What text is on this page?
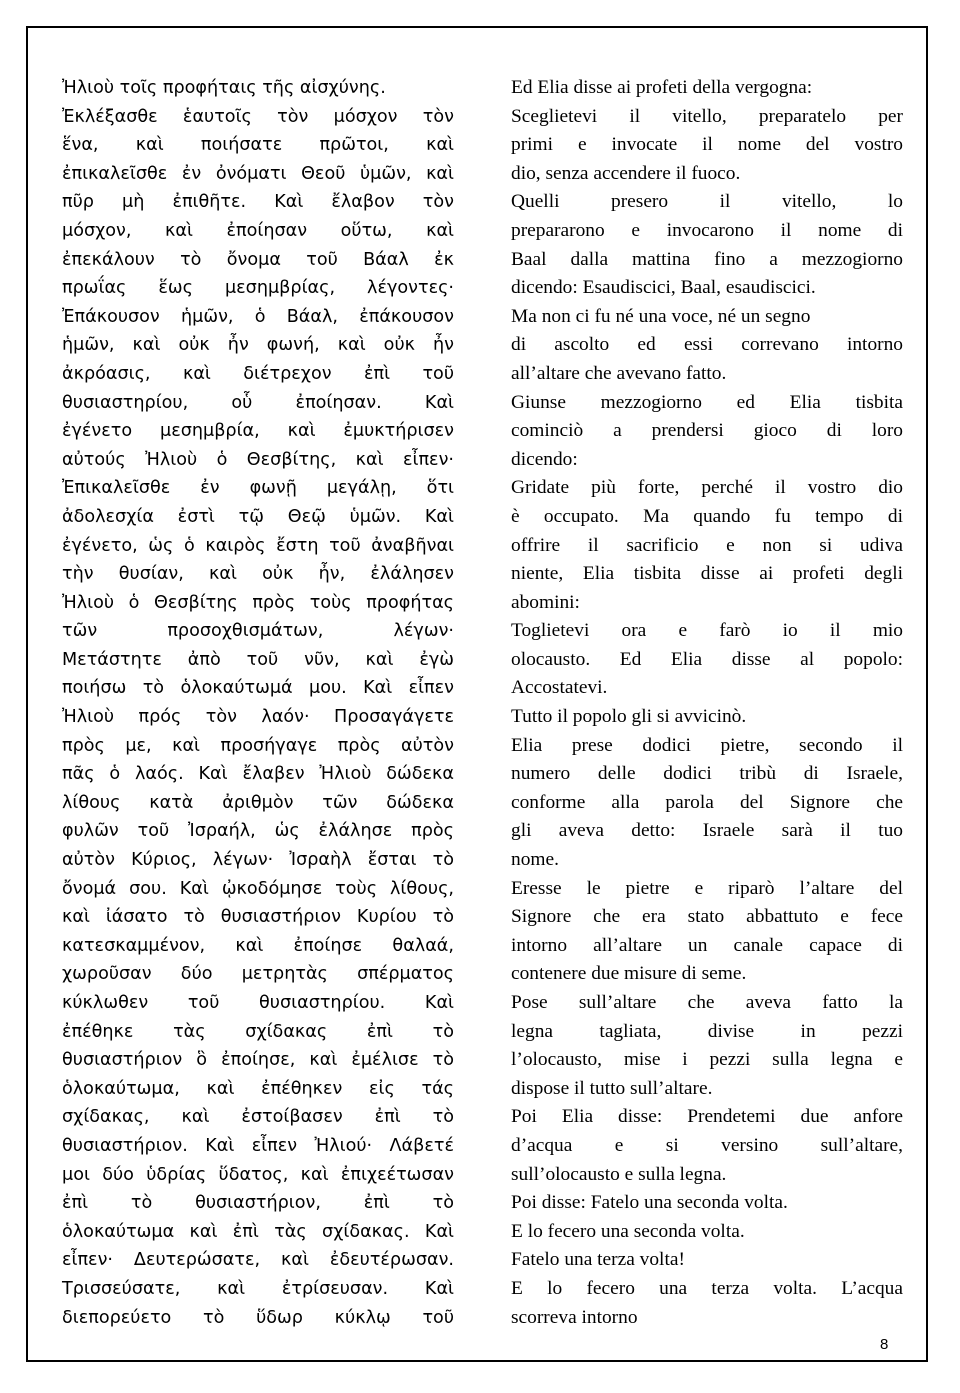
Ἠλιοὺ τοῖς προφήταις τῆς αἰσχύνης.
Ἐκλέξασθε ἑαυτοῖς τὸν μόσχον τὸν
ἕνα, καὶ ποιήσατε πρῶτοι, καὶ
ἐπικαλεῖσθε ἐν ὀνόματι Θεοῦ ὑμῶν, καὶ
πῦρ μὴ ἐπιθῆτε. Καὶ ἔλαβον τὸν
μόσχον, καὶ ἐποίησαν οὕτω, καὶ
ἐπεκάλουν τὸ ὄνομα τοῦ Βάαλ ἐκ
πρωΐας ἕως μεσημβρίας, λέγοντες·
Ἐπάκουσον ἡμῶν, ὁ Βάαλ, ἐπάκουσον
ἡμῶν, καὶ οὐκ ἦν φωνή, καὶ οὐκ ἦν
ἀκρόασις, καὶ διέτρεχον ἐπὶ τοῦ
θυσιαστηρίου, οὗ ἐποίησαν. Καὶ
ἐγένετο μεσημβρία, καὶ ἐμυκτήρισεν
αὐτούς Ἠλιοὺ ὁ Θεσβίτης, καὶ εἶπεν·
Ἐπικαλεῖσθε ἐν φωνῇ μεγάλῃ, ὅτι
ἀδολεσχία ἐστὶ τῷ Θεῷ ὑμῶν. Καὶ
ἐγένετο, ὡς ὁ καιρὸς ἔστη τοῦ ἀναβῆναι
τὴν θυσίαν, καὶ οὐκ ἦν, ἐλάλησεν
Ἠλιοὺ ὁ Θεσβίτης πρὸς τοὺς προφήτας
τῶν προσοχθισμάτων, λέγων·
Μετάστητε ἀπὸ τοῦ νῦν, καὶ ἐγὼ
ποιήσω τὸ ὁλοκαύτωμά μου. Καὶ εἶπεν
Ἠλιοὺ πρός τὸν λαόν· Προσαγάγετε
πρὸς με, καὶ προσήγαγε πρὸς αὐτὸν
πᾶς ὁ λαός. Καὶ ἔλαβεν Ἠλιοὺ δώδεκα
λίθους κατὰ ἀριθμὸν τῶν δώδεκα
φυλῶν τοῦ Ἰσραήλ, ὡς ἐλάλησε πρὸς
αὐτὸν Κύριος, λέγων· Ἰσραὴλ ἔσται τὸ
ὄνομά σου. Καὶ ᾠκοδόμησε τοὺς λίθους,
καὶ ἰάσατο τὸ θυσιαστήριον Κυρίου τὸ
κατεσκαμμένον, καὶ ἐποίησε θαλαά,
χωροῦσαν δύο μετρητὰς σπέρματος
κύκλωθεν τοῦ θυσιαστηρίου. Καὶ
ἐπέθηκε τὰς σχίδακας ἐπὶ τὸ
θυσιαστήριον ὃ ἐποίησε, καὶ ἐμέλισε τὸ
ὁλοκαύτωμα, καὶ ἐπέθηκεν εἰς τάς
σχίδακας, καὶ ἐστοίβασεν ἐπὶ τὸ
θυσιαστήριον. Καὶ εἶπεν Ἠλιού· Λάβετέ
μοι δύο ὑδρίας ὕδατος, καὶ ἐπιχεέτωσαν
ἐπὶ τὸ θυσιαστήριον, ἐπὶ τὸ
ὁλοκαύτωμα καὶ ἐπὶ τὰς σχίδακας. Καὶ
εἶπεν· Δευτερώσατε, καὶ ἐδευτέρωσαν.
Τρισσεύσατε, καὶ ἐτρίσευσαν. Καὶ
διεπορεύετο τὸ ὕδωρ κύκλῳ τοῦ
Ed Elia disse ai profeti della vergogna:
Sceglietevi il vitello, preparatelo per
primi e invocate il nome del vostro
dio, senza accendere il fuoco.
Quelli presero il vitello, lo
prepararono e invocarono il nome di
Baal dalla mattina fino a mezzogiorno
dicendo: Esaudiscici, Baal, esaudiscici.
Ma non ci fu né una voce, né un segno
di ascolto ed essi correvano intorno
all’altare che avevano fatto.
Giunse mezzogiorno ed Elia tisbita
cominciò a prendersi gioco di loro
dicendo:
Gridate più forte, perché il vostro dio
è occupato. Ma quando fu tempo di
offrire il sacrificio e non si udiva
niente, Elia tisbita disse ai profeti degli
abomini:
Toglietevi ora e farò io il mio
olocausto. Ed Elia disse al popolo:
Accostatevi.
Tutto il popolo gli si avvicinò.
Elia prese dodici pietre, secondo il
numero delle dodici tribù di Israele,
conforme alla parola del Signore che
gli aveva detto: Israele sarà il tuo
nome.
Eresse le pietre e riparò l’altare del
Signore che era stato abbattuto e fece
intorno all’altare un canale capace di
contenere due misure di seme.
Pose sull’altare che aveva fatto la
legna tagliata, divise in pezzi
l’olocausto, mise i pezzi sulla legna e
dispose il tutto sull’altare.
Poi Elia disse: Prendetemi due anfore
d’acqua e si versino sull’altare,
sull’olocausto e sulla legna.
Poi disse: Fatelo una seconda volta.
E lo fecero una seconda volta.
Fatelo una terza volta!
E lo fecero una terza volta. L’acqua
scorreva intorno
8
